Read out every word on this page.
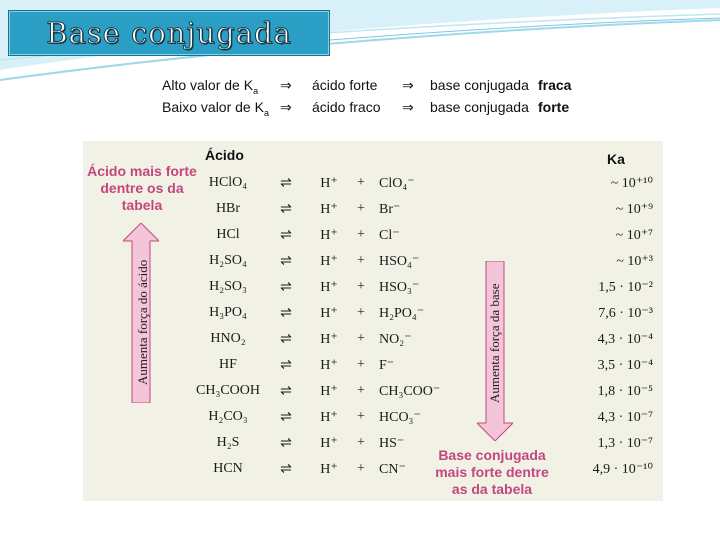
Base conjugada
Alto valor de $K_a$ ⇒ ácido forte ⇒ base conjugada fraca
Baixo valor de $K_a$ ⇒ ácido fraco ⇒ base conjugada forte
Ácido	Ka
Ácido mais forte dentre os da tabela
Aumenta força do ácido	Aumenta força da base
Base conjugada mais forte dentre as da tabela
HClO₄	⇌	H⁺	+	ClO₄⁻	~ 10⁺¹⁰
HBr	⇌	H⁺	+	Br⁻	~ 10⁺⁹
HCl	⇌	H⁺	+	Cl⁻	~ 10⁺⁷
H₂SO₄	⇌	H⁺	+	HSO₄⁻	~ 10⁺³
H₂SO₃	⇌	H⁺	+	HSO₃⁻	1,5 · 10⁻²
H₃PO₄	⇌	H⁺	+	H₂PO₄⁻	7,6 · 10⁻³
HNO₂	⇌	H⁺	+	NO₂⁻	4,3 · 10⁻⁴
HF	⇌	H⁺	+	F⁻	3,5 · 10⁻⁴
CH₃COOH	⇌	H⁺	+	CH₃COO⁻	1,8 · 10⁻⁵
H₂CO₃	⇌	H⁺	+	HCO₃⁻	4,3 · 10⁻⁷
H₂S	⇌	H⁺	+	HS⁻	1,3 · 10⁻⁷
HCN	⇌	H⁺	+	CN⁻	4,9 · 10⁻¹⁰
